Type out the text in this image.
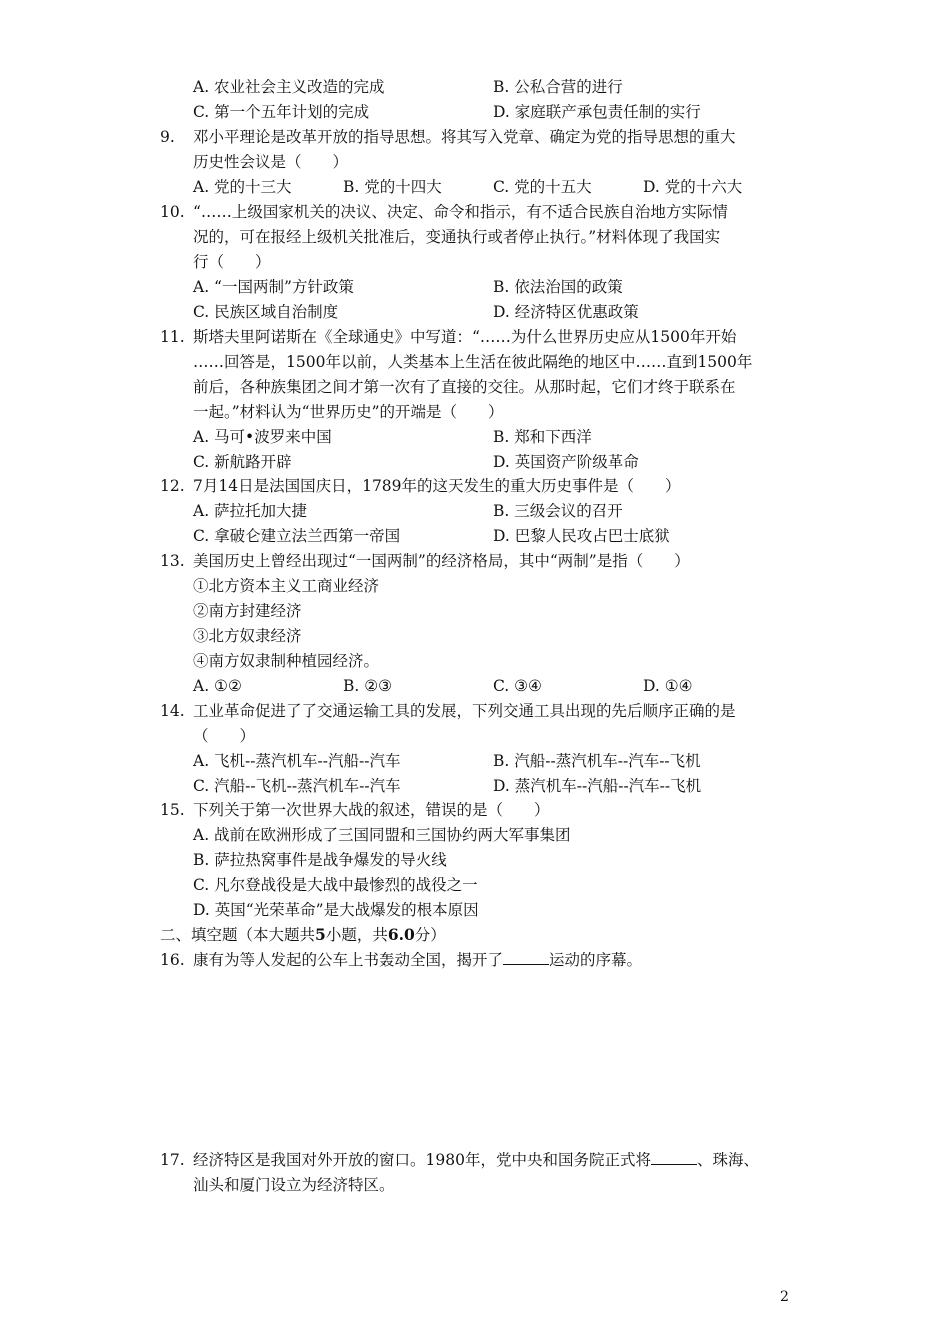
A. 农业社会主义改造的完成	B. 公私合营的进行
C. 第一个五年计划的完成	D. 家庭联产承包责任制的实行
9. 邓小平理论是改革开放的指导思想。将其写入党章、确定为党的指导思想的重大
历史性会议是（　　）
A. 党的十三大	B. 党的十四大	C. 党的十五大	D. 党的十六大
10. “……上级国家机关的决议、决定、命令和指示，有不适合民族自治地方实际情
况的，可在报经上级机关批准后，变通执行或者停止执行。”材料体现了我国实
行（　　）
A. “一国两制”方针政策	B. 依法治国的政策
C. 民族区域自治制度	D. 经济特区优惠政策
11. 斯塔夫里阿诺斯在《全球通史》中写道：“……为什么世界历史应从1500年开始
……回答是，1500年以前，人类基本上生活在彼此隔绝的地区中……直到1500年
前后，各种族集团之间才第一次有了直接的交往。从那时起，它们才终于联系在
一起。”材料认为“世界历史”的开端是（　　）
A. 马可•波罗来中国	B. 郑和下西洋
C. 新航路开辟	D. 英国资产阶级革命
12. 7月14日是法国国庆日，1789年的这天发生的重大历史事件是（　　）
A. 萨拉托加大捷	B. 三级会议的召开
C. 拿破仑建立法兰西第一帝国	D. 巴黎人民攻占巴士底狱
13. 美国历史上曾经出现过“一国两制”的经济格局，其中“两制”是指（　　）
①北方资本主义工商业经济
②南方封建经济
③北方奴隶经济
④南方奴隶制种植园经济。
A. ①②	B. ②③	C. ③④	D. ①④
14. 工业革命促进了了交通运输工具的发展，下列交通工具出现的先后顺序正确的是
（　　）
A. 飞机--蒸汽机车--汽船--汽车	B. 汽船--蒸汽机车--汽车--飞机
C. 汽船--飞机--蒸汽机车--汽车	D. 蒸汽机车--汽船--汽车--飞机
15. 下列关于第一次世界大战的叙述，错误的是（　　）
A. 战前在欧洲形成了三国同盟和三国协约两大军事集团
B. 萨拉热窝事件是战争爆发的导火线
C. 凡尔登战役是大战中最惨烈的战役之一
D. 英国“光荣革命”是大战爆发的根本原因
二、填空题（本大题共5小题，共6.0分）
16. 康有为等人发起的公车上书轰动全国，揭开了	运动的序幕。
17. 经济特区是我国对外开放的窗口。1980年，党中央和国务院正式将	、珠海、
汕头和厦门设立为经济特区。
2
